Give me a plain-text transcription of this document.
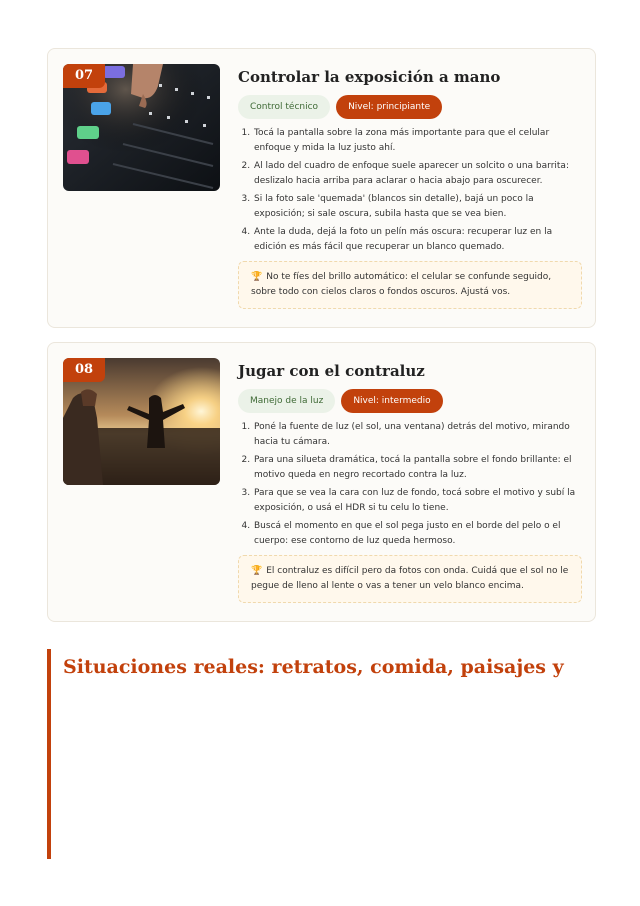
07	Controlar la exposición a mano
Control técnico	Nivel: principiante
1. Tocá la pantalla sobre la zona más importante para que el celular enfoque y mida la luz justo ahí.
2. Al lado del cuadro de enfoque suele aparecer un solcito o una barrita: deslizalo hacia arriba para aclarar o hacia abajo para oscurecer.
3. Si la foto sale 'quemada' (blancos sin detalle), bajá un poco la exposición; si sale oscura, subila hasta que se vea bien.
4. Ante la duda, dejá la foto un pelín más oscura: recuperar luz en la edición es más fácil que recuperar un blanco quemado.
🏆 No te fíes del brillo automático: el celular se confunde seguido, sobre todo con cielos claros o fondos oscuros. Ajustá vos.
08	Jugar con el contraluz
Manejo de la luz	Nivel: intermedio
1. Poné la fuente de luz (el sol, una ventana) detrás del motivo, mirando hacia tu cámara.
2. Para una silueta dramática, tocá la pantalla sobre el fondo brillante: el motivo queda en negro recortado contra la luz.
3. Para que se vea la cara con luz de fondo, tocá sobre el motivo y subí la exposición, o usá el HDR si tu celu lo tiene.
4. Buscá el momento en que el sol pega justo en el borde del pelo o el cuerpo: ese contorno de luz queda hermoso.
🏆 El contraluz es difícil pero da fotos con onda. Cuidá que el sol no le pegue de lleno al lente o vas a tener un velo blanco encima.
Situaciones reales: retratos, comida, paisajes y
